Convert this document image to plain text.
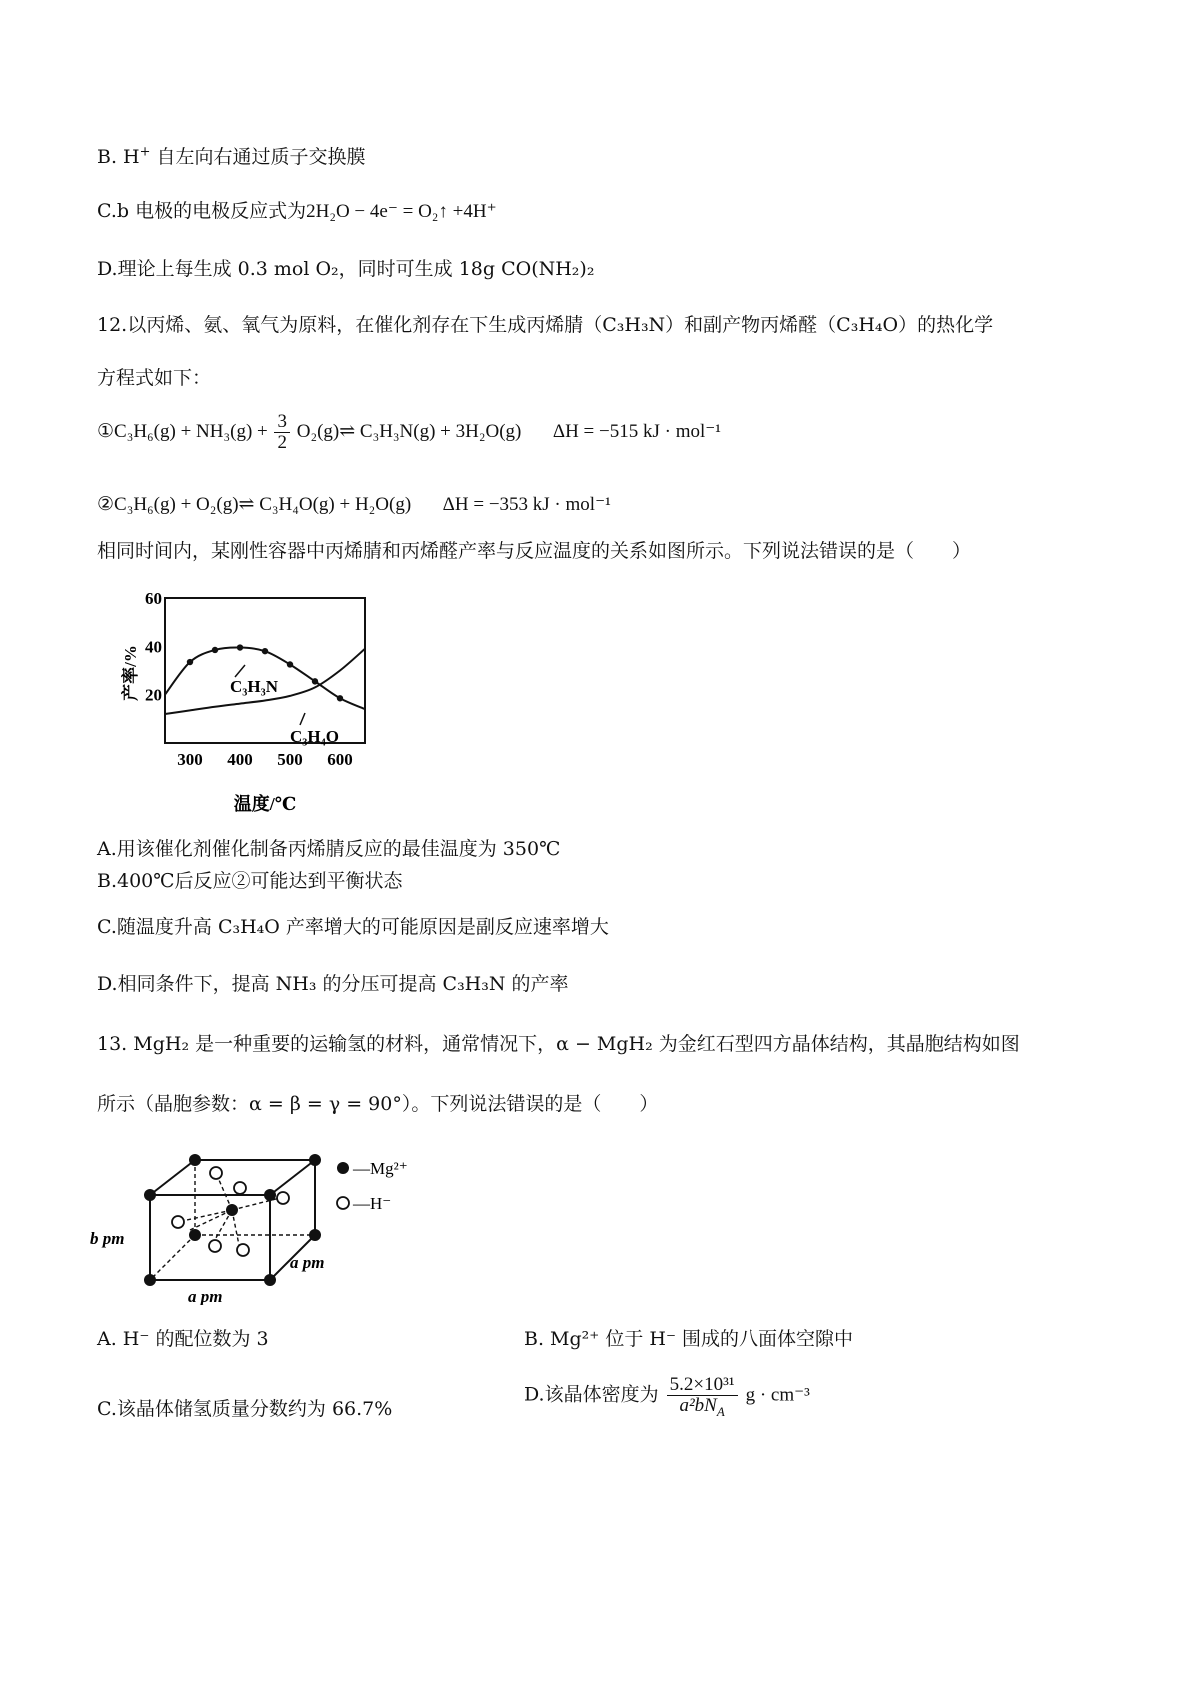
B. H+ 自左向右通过质子交换膜
C.b 电极的电极反应式为2H₂O − 4e⁻ = O₂↑ +4H⁺
D.理论上每生成 0.3 mol O₂，同时可生成 18g CO(NH₂)₂
12.以丙烯、氨、氧气为原料，在催化剂存在下生成丙烯腈（C₃H₃N）和副产物丙烯醛（C₃H₄O）的热化学
方程式如下：
①C₃H₆(g) + $NH_3(g) + \frac{3}{2}$ O₂(g)⇌ C₃H₃N(g) + 3H₂O(g) ΔH = −515 kJ · mol⁻¹
②C₃H₆(g) + O₂(g)⇌ C₃H₄O(g) + H₂O(g) ΔH = −353 kJ · mol⁻¹
相同时间内，某刚性容器中丙烯腈和丙烯醛产率与反应温度的关系如图所示。下列说法错误的是（　　）
20
40
60
300 400 500 600
产率/%
温度/℃
C₃H₃N
C₃H₄O
A.用该催化剂催化制备丙烯腈反应的最佳温度为 350℃
B.400℃后反应②可能达到平衡状态
C.随温度升高 C₃H₄O 产率增大的可能原因是副反应速率增大
D.相同条件下，提高 NH₃ 的分压可提高 C₃H₃N 的产率
13. MgH₂ 是一种重要的运输氢的材料，通常情况下，α − MgH₂ 为金红石型四方晶体结构，其晶胞结构如图
所示（晶胞参数：α = β = γ = 90°）。下列说法错误的是（　　）
—Mg²⁺
—H⁻
b pm
a pm
a pm
A. H⁻ 的配位数为 3	B. Mg²⁺ 位于 H⁻ 围成的八面体空隙中
C.该晶体储氢质量分数约为 66.7%
D.该晶体密度为 $\frac{\text{5.2×10³¹}}{a^2bN_A}$ g · cm⁻³
